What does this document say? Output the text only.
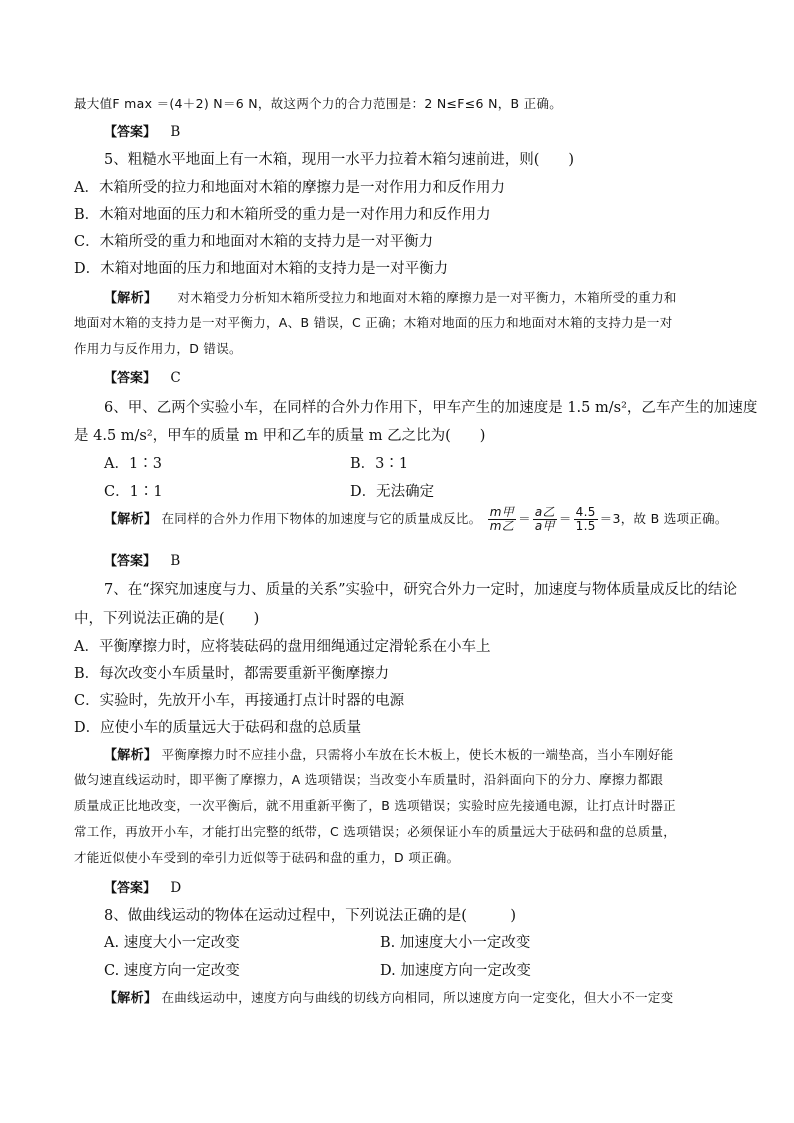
最大值F max ＝(4＋2) N＝6 N，故这两个力的合力范围是：2 N≤F≤6 N，B 正确。
【答案】 B
5、粗糙水平地面上有一木箱，现用一水平力拉着木箱匀速前进，则(　　)
A．木箱所受的拉力和地面对木箱的摩擦力是一对作用力和反作用力
B．木箱对地面的压力和木箱所受的重力是一对作用力和反作用力
C．木箱所受的重力和地面对木箱的支持力是一对平衡力
D．木箱对地面的压力和地面对木箱的支持力是一对平衡力
【解析】 对木箱受力分析知木箱所受拉力和地面对木箱的摩擦力是一对平衡力，木箱所受的重力和
地面对木箱的支持力是一对平衡力，A、B 错误，C 正确；木箱对地面的压力和地面对木箱的支持力是一对
作用力与反作用力，D 错误。
【答案】 C
6、甲、乙两个实验小车，在同样的合外力作用下，甲车产生的加速度是 1.5 m/s²，乙车产生的加速度
是 4.5 m/s²，甲车的质量 m 甲和乙车的质量 m 乙之比为(　　)
A．1∶3	B．3∶1
C．1∶1	D．无法确定
【解析】 在同样的合外力作用下物体的加速度与它的质量成反比。 $\frac{\text{m甲}}{\text{m乙}} = \frac{\text{a乙}}{\text{a甲}} = \frac{4.5}{1.5} =3$，故 B 选项正确。
【答案】 B
7、在“探究加速度与力、质量的关系”实验中，研究合外力一定时，加速度与物体质量成反比的结论
中，下列说法正确的是(　　)
A．平衡摩擦力时，应将装砝码的盘用细绳通过定滑轮系在小车上
B．每次改变小车质量时，都需要重新平衡摩擦力
C．实验时，先放开小车，再接通打点计时器的电源
D．应使小车的质量远大于砝码和盘的总质量
【解析】 平衡摩擦力时不应挂小盘，只需将小车放在长木板上，使长木板的一端垫高，当小车刚好能
做匀速直线运动时，即平衡了摩擦力，A 选项错误；当改变小车质量时，沿斜面向下的分力、摩擦力都跟
质量成正比地改变，一次平衡后，就不用重新平衡了，B 选项错误；实验时应先接通电源，让打点计时器正
常工作，再放开小车，才能打出完整的纸带，C 选项错误；必须保证小车的质量远大于砝码和盘的总质量，
才能近似使小车受到的牵引力近似等于砝码和盘的重力，D 项正确。
【答案】 D
8、做曲线运动的物体在运动过程中，下列说法正确的是(　　　)
A. 速度大小一定改变	B. 加速度大小一定改变
C. 速度方向一定改变	D. 加速度方向一定改变
【解析】 在曲线运动中，速度方向与曲线的切线方向相同，所以速度方向一定变化，但大小不一定变
